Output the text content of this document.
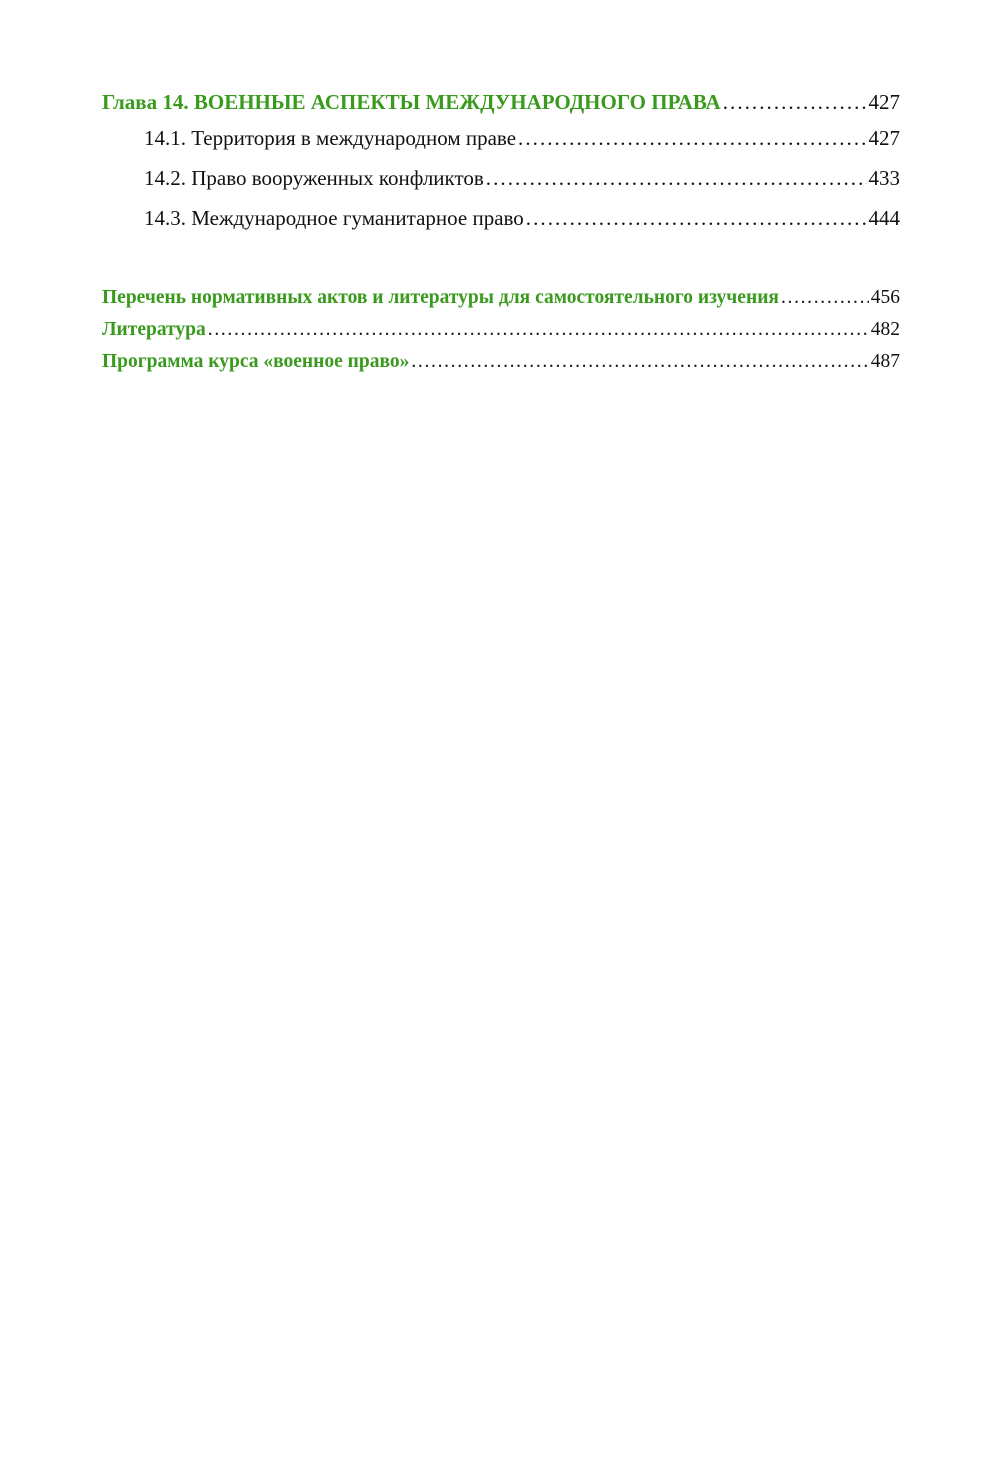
Глава 14. ВОЕННЫЕ АСПЕКТЫ МЕЖДУНАРОДНОГО ПРАВА . . .	427
14.1. Территория в международном праве . . .	427
14.2. Право вооруженных конфликтов . . .	433
14.3. Международное гуманитарное право . . .	444
Перечень нормативных актов и литературы для самостоятельного изучения . . .	456
Литература . . .	482
Программа курса «военное право» . . .	487
